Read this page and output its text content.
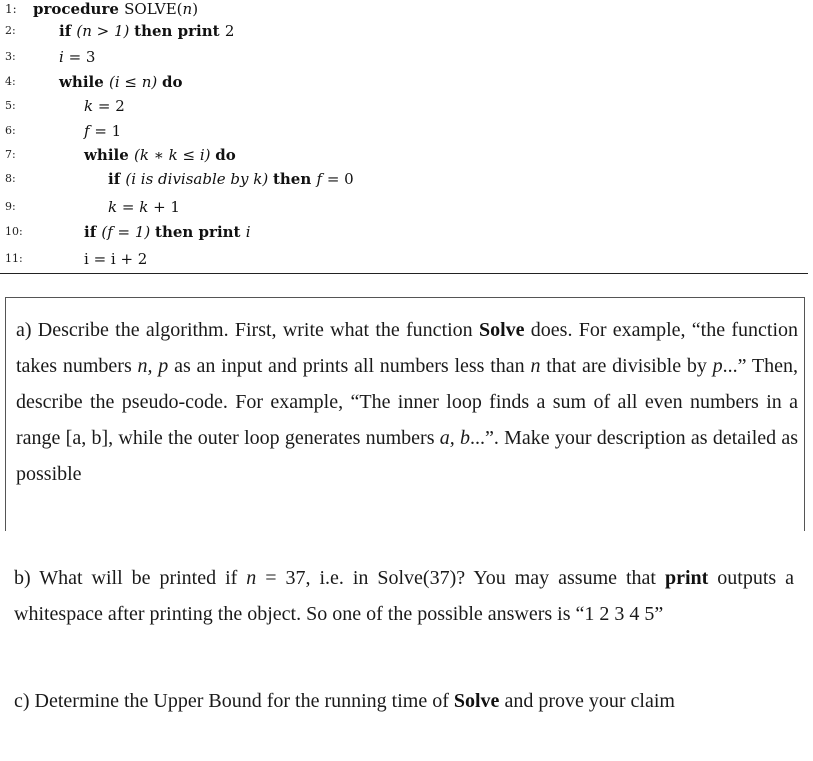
1:	procedure SOLVE(n)
2:	if (n > 1) then print 2
3:	i = 3
4:	while (i ≤ n) do
5:	k = 2
6:	f = 1
7:	while (k ∗ k ≤ i) do
8:	if (i is divisable by k) then f = 0
9:	k = k + 1
10:	if (f = 1) then print i
11:	i = i + 2
a) Describe the algorithm. First, write what the function Solve does. For example, “the function takes numbers n, p as an input and prints all numbers less than n that are divisible by p...” Then, describe the pseudo-code. For example, “The inner loop finds a sum of all even numbers in a range [a, b], while the outer loop generates numbers a, b...”. Make your description as detailed as possible
b) What will be printed if n = 37, i.e. in Solve(37)? You may assume that print outputs a whitespace after printing the object. So one of the possible answers is “1 2 3 4 5”
c) Determine the Upper Bound for the running time of Solve and prove your claim
